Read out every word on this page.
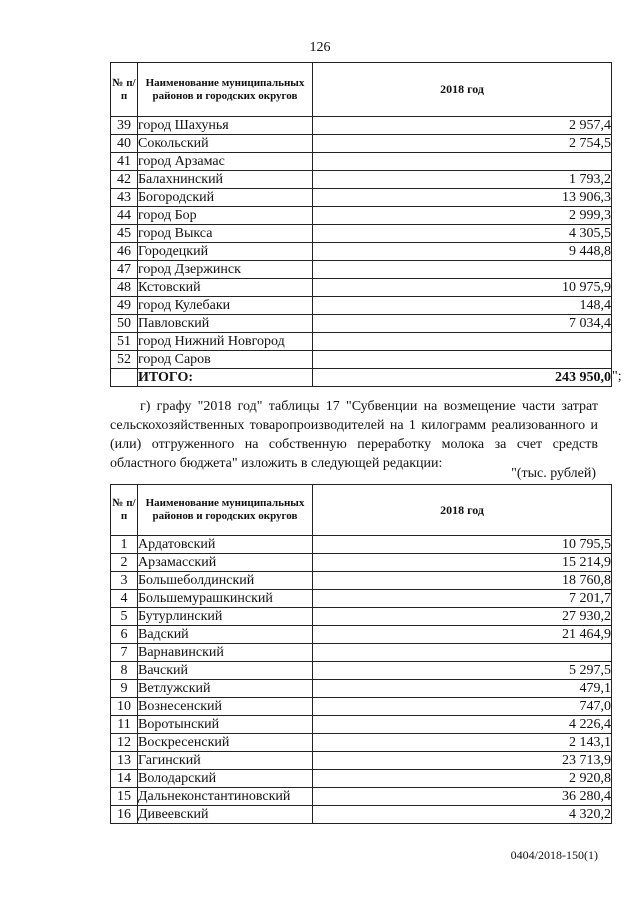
126
№ п/п	Наименование муниципальных районов и городских округов	2018 год
39	город Шахунья	2 957,4
40	Сокольский	2 754,5
41	город Арзамас	
42	Балахнинский	1 793,2
43	Богородский	13 906,3
44	город Бор	2 999,3
45	город Выкса	4 305,5
46	Городецкий	9 448,8
47	город Дзержинск	
48	Кстовский	10 975,9
49	город Кулебаки	148,4
50	Павловский	7 034,4
51	город Нижний Новгород	
52	город Саров	
	ИТОГО:	243 950,0 ";
г) графу "2018 год" таблицы 17 "Субвенции на возмещение части затрат сельскохозяйственных товаропроизводителей на 1 килограмм реализованного и (или) отгруженного на собственную переработку молока за счет средств областного бюджета" изложить в следующей редакции:
"(тыс. рублей)
№ п/п	Наименование муниципальных районов и городских округов	2018 год
1	Ардатовский	10 795,5
2	Арзамасский	15 214,9
3	Большеболдинский	18 760,8
4	Большемурашкинский	7 201,7
5	Бутурлинский	27 930,2
6	Вадский	21 464,9
7	Варнавинский	
8	Вачский	5 297,5
9	Ветлужский	479,1
10	Вознесенский	747,0
11	Воротынский	4 226,4
12	Воскресенский	2 143,1
13	Гагинский	23 713,9
14	Володарский	2 920,8
15	Дальнеконстантиновский	36 280,4
16	Дивеевский	4 320,2
0404/2018-150(1)
